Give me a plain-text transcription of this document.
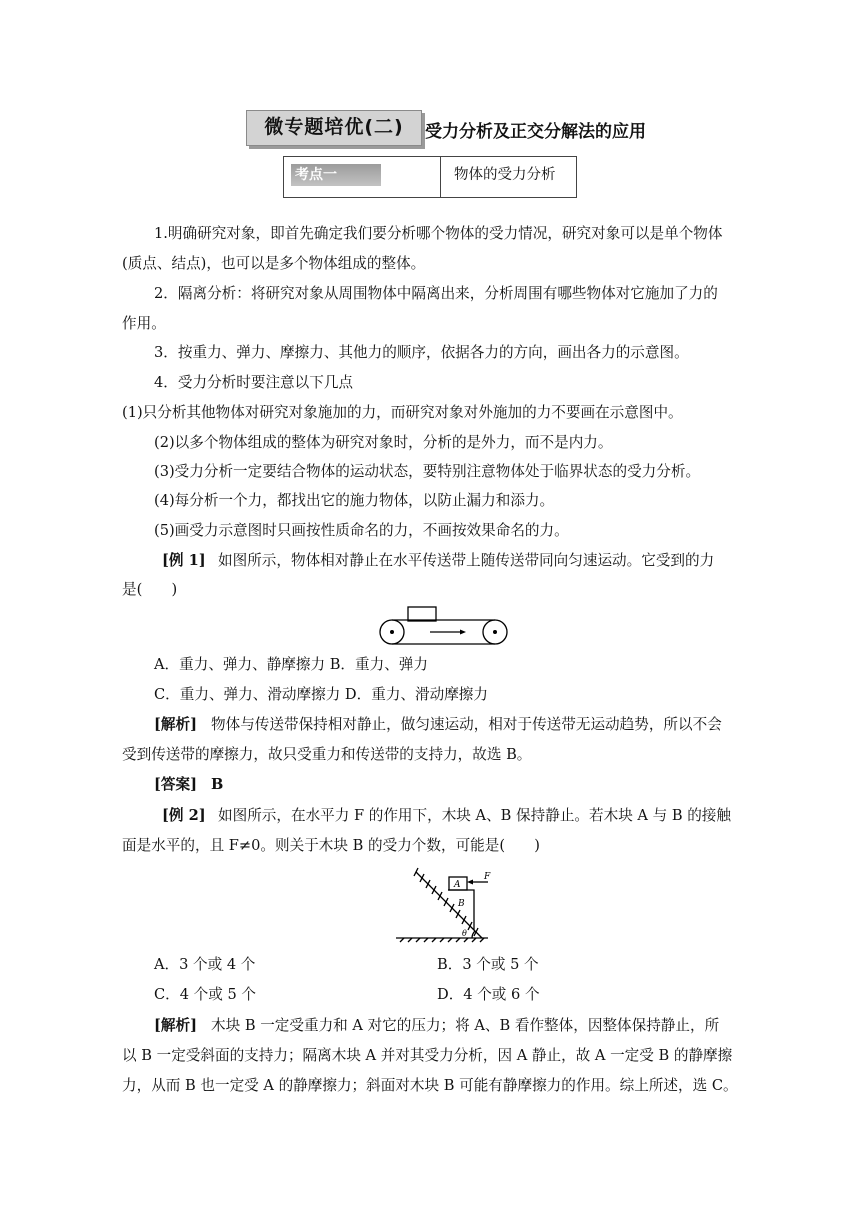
微专题培优(二)	受力分析及正交分解法的应用
考点一	物体的受力分析
1.明确研究对象，即首先确定我们要分析哪个物体的受力情况，研究对象可以是单个物体
(质点、结点)，也可以是多个物体组成的整体。
2．隔离分析：将研究对象从周围物体中隔离出来，分析周围有哪些物体对它施加了力的
作用。
3．按重力、弹力、摩擦力、其他力的顺序，依据各力的方向，画出各力的示意图。
4．受力分析时要注意以下几点
(1)只分析其他物体对研究对象施加的力，而研究对象对外施加的力不要画在示意图中。
(2)以多个物体组成的整体为研究对象时，分析的是外力，而不是内力。
(3)受力分析一定要结合物体的运动状态，要特别注意物体处于临界状态的受力分析。
(4)每分析一个力，都找出它的施力物体，以防止漏力和添力。
(5)画受力示意图时只画按性质命名的力，不画按效果命名的力。
[例 1] 如图所示，物体相对静止在水平传送带上随传送带同向匀速运动。它受到的力
是(　　)
A．重力、弹力、静摩擦力 B．重力、弹力
C．重力、弹力、滑动摩擦力 D．重力、滑动摩擦力
[解析] 物体与传送带保持相对静止，做匀速运动，相对于传送带无运动趋势，所以不会
受到传送带的摩擦力，故只受重力和传送带的支持力，故选 B。
[答案] B
[例 2] 如图所示，在水平力 F 的作用下，木块 A、B 保持静止。若木块 A 与 B 的接触
面是水平的，且 F≠0。则关于木块 B 的受力个数，可能是(　　)
A
B
F
θ
A．3 个或 4 个	B．3 个或 5 个
C．4 个或 5 个	D．4 个或 6 个
[解析] 木块 B 一定受重力和 A 对它的压力；将 A、B 看作整体，因整体保持静止，所
以 B 一定受斜面的支持力；隔离木块 A 并对其受力分析，因 A 静止，故 A 一定受 B 的静摩擦
力，从而 B 也一定受 A 的静摩擦力；斜面对木块 B 可能有静摩擦力的作用。综上所述，选 C。
